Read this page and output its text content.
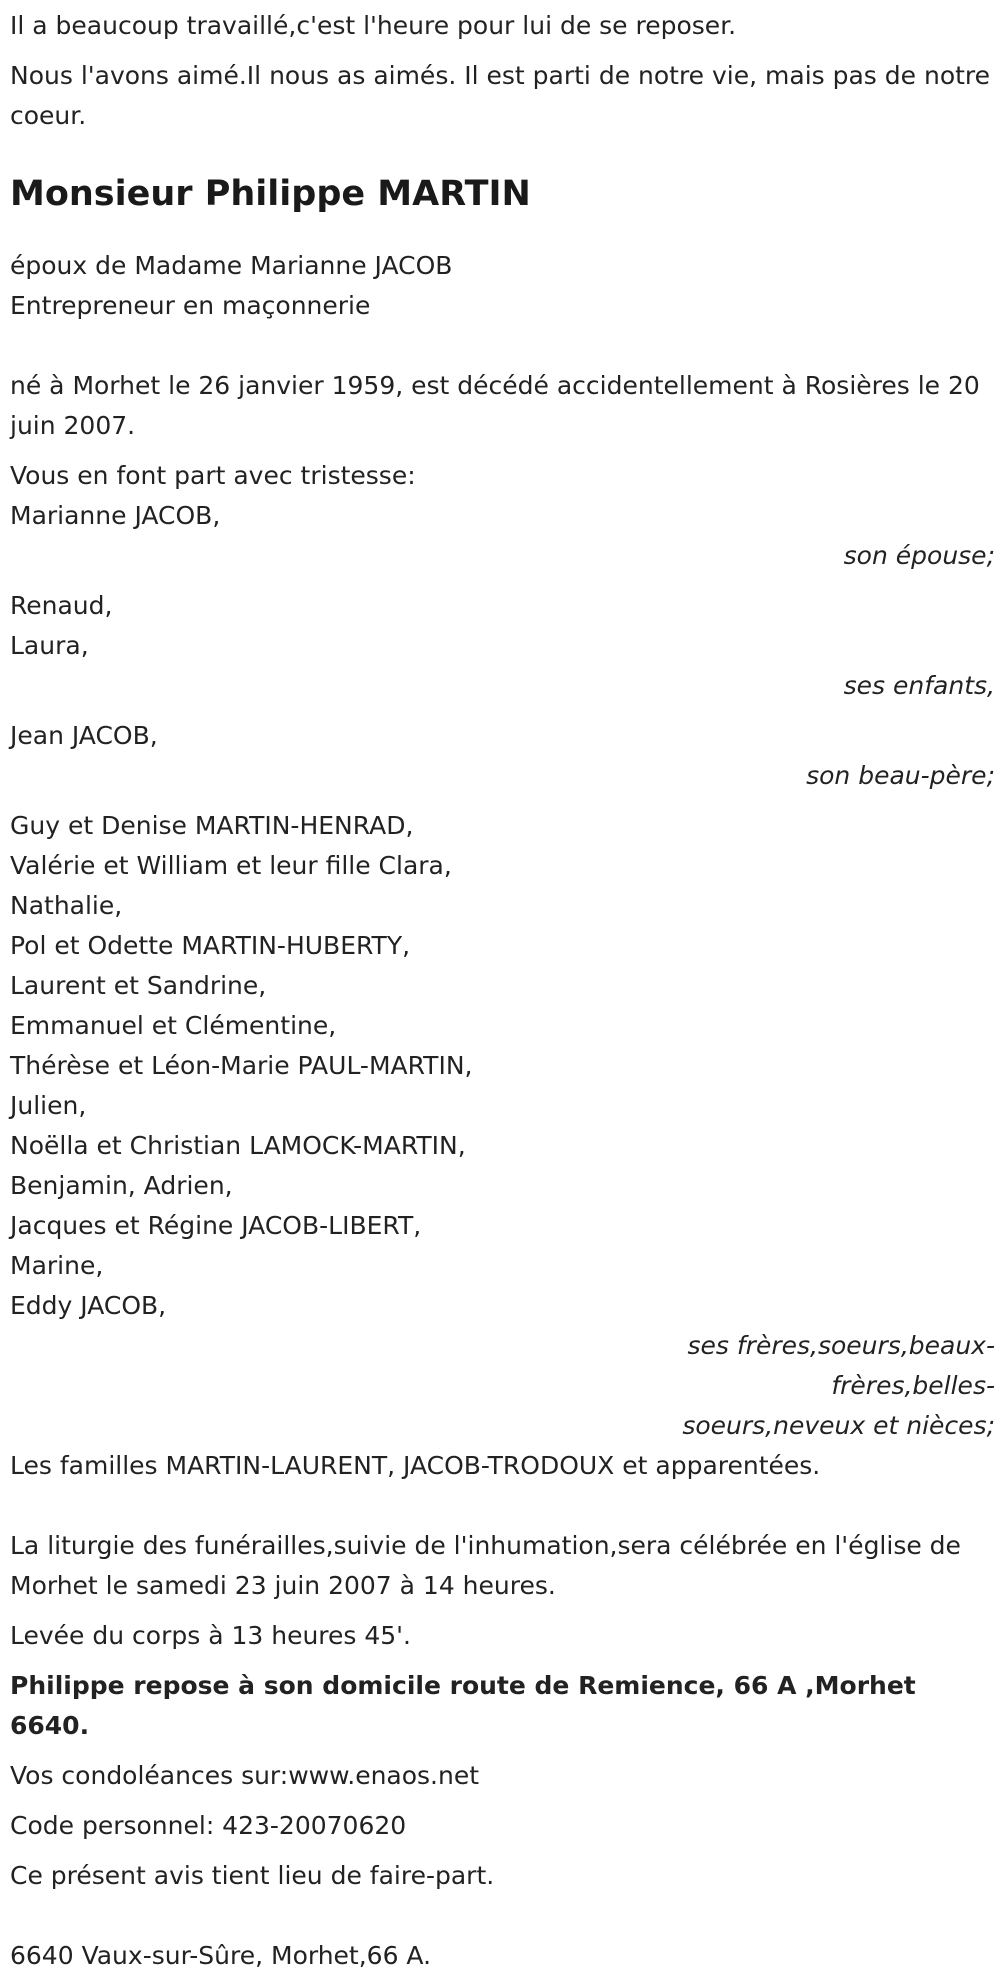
Il a beaucoup travaillé,c'est l'heure pour lui de se reposer.

Nous l'avons aimé.Il nous as aimés. Il est parti de notre vie, mais pas de notre coeur.

Monsieur Philippe MARTIN

époux de Madame Marianne JACOB

Entrepreneur en maçonnerie

né à Morhet le 26 janvier 1959, est décédé accidentellement à Rosières le 20 juin 2007.

Vous en font part avec tristesse:

Marianne JACOB,

son épouse;

Renaud,
Laura,

ses enfants,

Jean JACOB,

son beau-père;

Guy et Denise MARTIN-HENRAD,
Valérie et William et leur fille Clara,
Nathalie,
Pol et Odette MARTIN-HUBERTY,
Laurent et Sandrine,
Emmanuel et Clémentine,
Thérèse et Léon-Marie PAUL-MARTIN,
Julien,
Noëlla et Christian LAMOCK-MARTIN,
Benjamin, Adrien,
Jacques et Régine JACOB-LIBERT,
Marine,
Eddy JACOB,

ses frères,soeurs,beaux-frères,belles-soeurs,neveux et nièces;

Les familles MARTIN-LAURENT, JACOB-TRODOUX et apparentées.

La liturgie des funérailles,suivie de l'inhumation,sera célébrée en l'église de Morhet le samedi 23 juin 2007 à 14 heures.

Levée du corps à 13 heures 45'.

Philippe repose à son domicile route de Remience, 66 A ,Morhet 6640.

Vos condoléances sur:www.enaos.net

Code personnel: 423-20070620

Ce présent avis tient lieu de faire-part.

6640 Vaux-sur-Sûre, Morhet,66 A.
